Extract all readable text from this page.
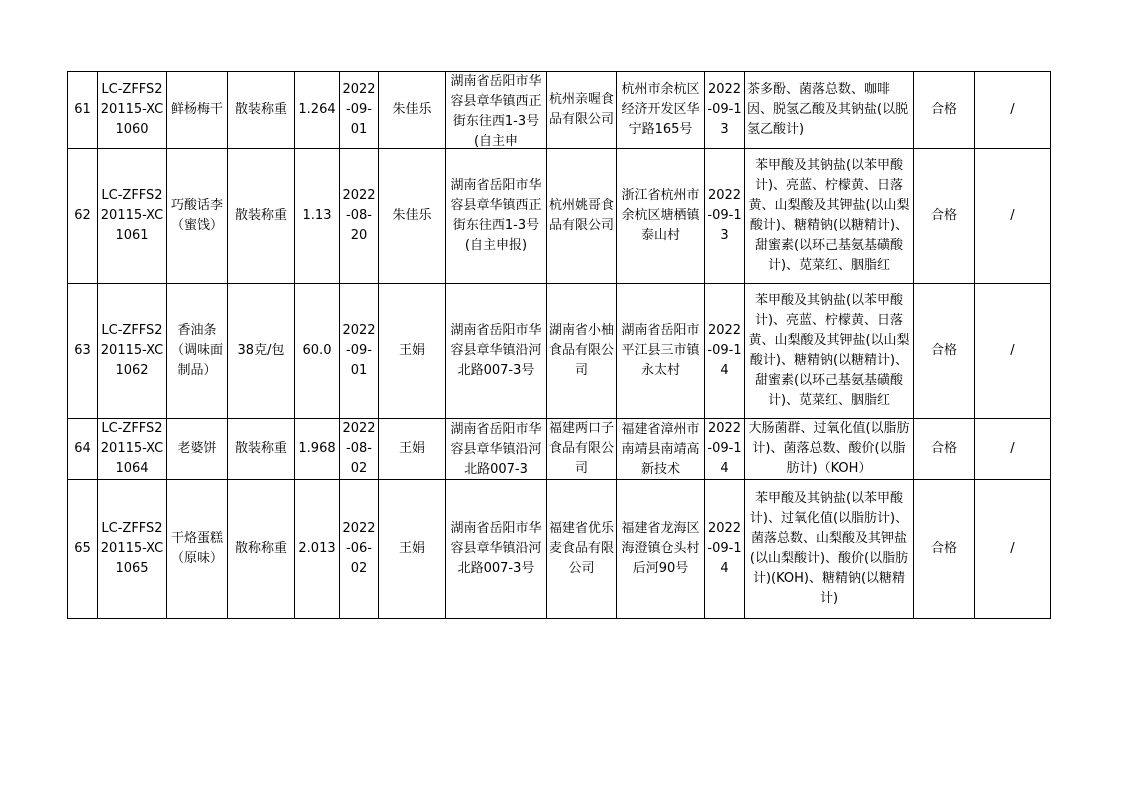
61	LC-ZFFS220115-XC1060	鲜杨梅干	散装称重	1.264	2022-09-01	朱佳乐	湖南省岳阳市华容县章华镇西正街东往西1-3号(自主申	杭州亲喔食品有限公司	杭州市余杭区经济开发区华宁路165号	2022-09-13	茶多酚、菌落总数、咖啡因、脱氢乙酸及其钠盐(以脱氢乙酸计)	合格	/
62	LC-ZFFS220115-XC1061	巧酸话李（蜜饯）	散装称重	1.13	2022-08-20	朱佳乐	湖南省岳阳市华容县章华镇西正街东往西1-3号(自主申报)	杭州姚哥食品有限公司	浙江省杭州市余杭区塘栖镇泰山村	2022-09-13	苯甲酸及其钠盐(以苯甲酸计)、亮蓝、柠檬黄、日落黄、山梨酸及其钾盐(以山梨酸计)、糖精钠(以糖精计)、甜蜜素(以环己基氨基磺酸计)、苋菜红、胭脂红	合格	/
63	LC-ZFFS220115-XC1062	香油条（调味面制品）	38克/包	60.0	2022-09-01	王娟	湖南省岳阳市华容县章华镇沿河北路007-3号	湖南省小柚食品有限公司	湖南省岳阳市平江县三市镇永太村	2022-09-14	苯甲酸及其钠盐(以苯甲酸计)、亮蓝、柠檬黄、日落黄、山梨酸及其钾盐(以山梨酸计)、糖精钠(以糖精计)、甜蜜素(以环己基氨基磺酸计)、苋菜红、胭脂红	合格	/
64	LC-ZFFS220115-XC1064	老婆饼	散装称重	1.968	2022-08-02	王娟	湖南省岳阳市华容县章华镇沿河北路007-3	福建两口子食品有限公司	福建省漳州市南靖县南靖高新技术	2022-09-14	大肠菌群、过氧化值(以脂肪计)、菌落总数、酸价(以脂肪计)（KOH）	合格	/
65	LC-ZFFS220115-XC1065	干烙蛋糕（原味）	散称称重	2.013	2022-06-02	王娟	湖南省岳阳市华容县章华镇沿河北路007-3号	福建省优乐麦食品有限公司	福建省龙海区海澄镇仓头村后河90号	2022-09-14	苯甲酸及其钠盐(以苯甲酸计)、过氧化值(以脂肪计)、菌落总数、山梨酸及其钾盐(以山梨酸计)、酸价(以脂肪计)(KOH)、糖精钠(以糖精计)	合格	/
